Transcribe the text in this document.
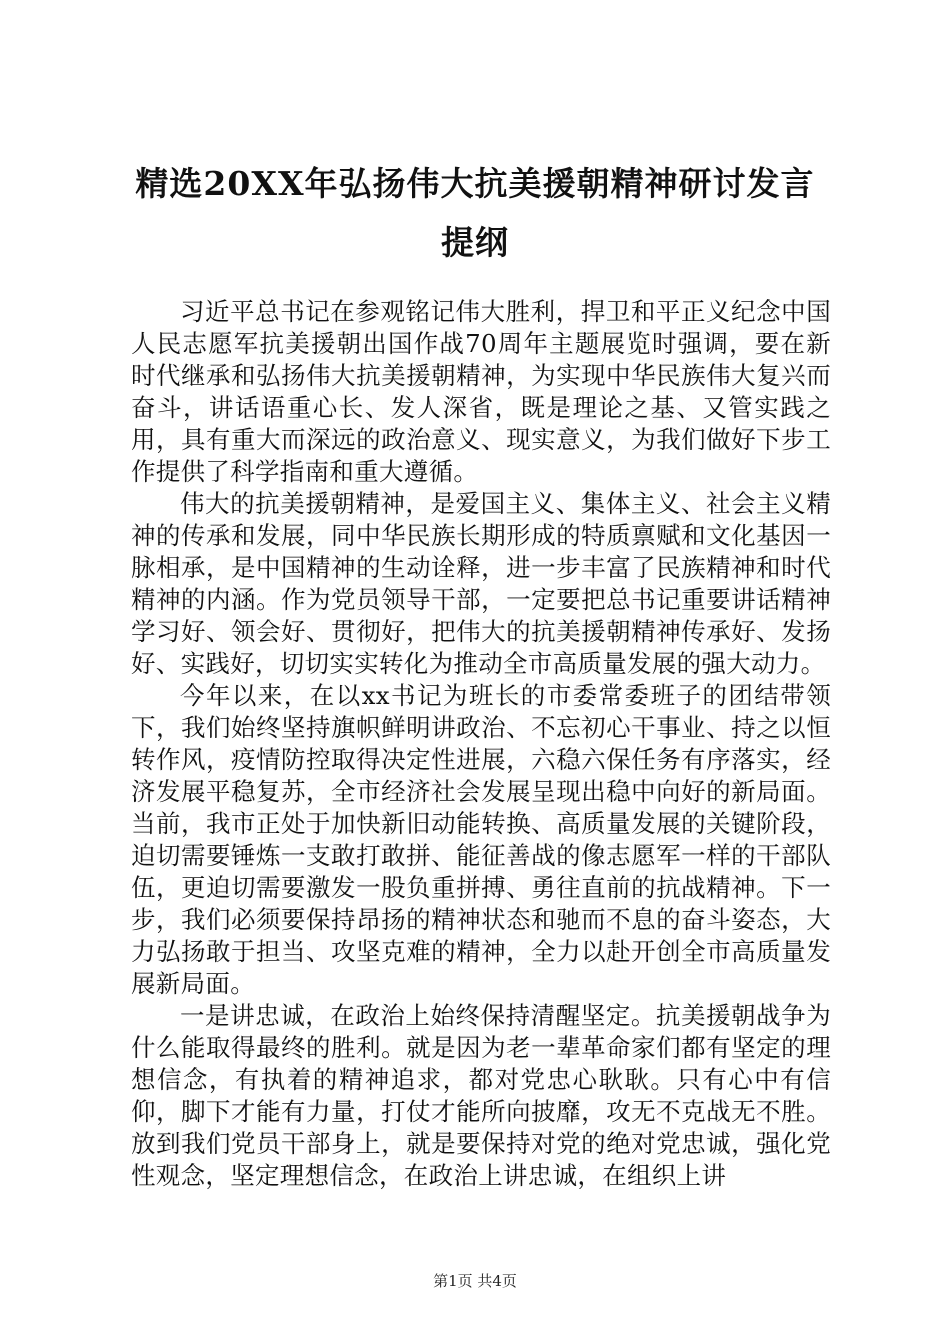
精选20XX年弘扬伟大抗美援朝精神研讨发言
提纲

习近平总书记在参观铭记伟大胜利，捍卫和平正义纪念中国人民志愿军抗美援朝出国作战70周年主题展览时强调，要在新时代继承和弘扬伟大抗美援朝精神，为实现中华民族伟大复兴而奋斗，讲话语重心长、发人深省，既是理论之基、又管实践之用，具有重大而深远的政治意义、现实意义，为我们做好下步工作提供了科学指南和重大遵循。

伟大的抗美援朝精神，是爱国主义、集体主义、社会主义精神的传承和发展，同中华民族长期形成的特质禀赋和文化基因一脉相承，是中国精神的生动诠释，进一步丰富了民族精神和时代精神的内涵。作为党员领导干部，一定要把总书记重要讲话精神学习好、领会好、贯彻好，把伟大的抗美援朝精神传承好、发扬好、实践好，切切实实转化为推动全市高质量发展的强大动力。

今年以来，在以xx书记为班长的市委常委班子的团结带领下，我们始终坚持旗帜鲜明讲政治、不忘初心干事业、持之以恒转作风，疫情防控取得决定性进展，六稳六保任务有序落实，经济发展平稳复苏，全市经济社会发展呈现出稳中向好的新局面。当前，我市正处于加快新旧动能转换、高质量发展的关键阶段，迫切需要锤炼一支敢打敢拼、能征善战的像志愿军一样的干部队伍，更迫切需要激发一股负重拼搏、勇往直前的抗战精神。下一步，我们必须要保持昂扬的精神状态和驰而不息的奋斗姿态，大力弘扬敢于担当、攻坚克难的精神，全力以赴开创全市高质量发展新局面。

一是讲忠诚，在政治上始终保持清醒坚定。抗美援朝战争为什么能取得最终的胜利。就是因为老一辈革命家们都有坚定的理想信念，有执着的精神追求，都对党忠心耿耿。只有心中有信仰，脚下才能有力量，打仗才能所向披靡，攻无不克战无不胜。放到我们党员干部身上，就是要保持对党的绝对党忠诚，强化党性观念，坚定理想信念，在政治上讲忠诚，在组织上讲

第1页 共4页
